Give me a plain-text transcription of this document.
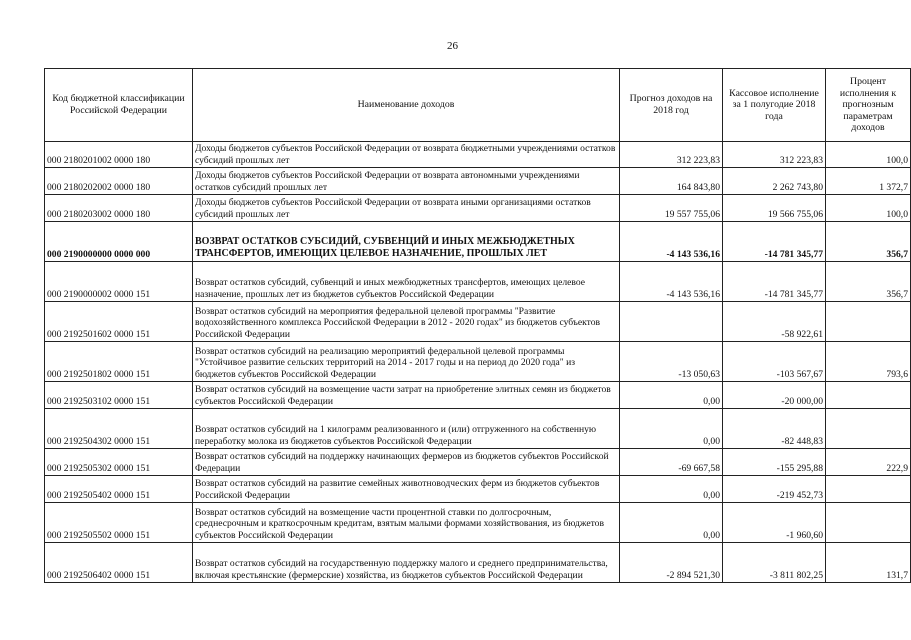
26
Код бюджетной классификации Российской Федерации	Наименование доходов	Прогноз доходов на 2018 год	Кассовое исполнение за 1 полугодие 2018 года	Процент исполнения к прогнозным параметрам доходов
000 2180201002 0000 180	Доходы бюджетов субъектов Российской Федерации от возврата бюджетными учреждениями остатков субсидий прошлых лет	312 223,83	312 223,83	100,0
000 2180202002 0000 180	Доходы бюджетов субъектов Российской Федерации от возврата автономными учреждениями остатков субсидий прошлых лет	164 843,80	2 262 743,80	1 372,7
000 2180203002 0000 180	Доходы бюджетов субъектов Российской Федерации от возврата иными организациями остатков субсидий прошлых лет	19 557 755,06	19 566 755,06	100,0
000 2190000000 0000 000	ВОЗВРАТ ОСТАТКОВ СУБСИДИЙ, СУБВЕНЦИЙ И ИНЫХ МЕЖБЮДЖЕТНЫХ ТРАНСФЕРТОВ, ИМЕЮЩИХ ЦЕЛЕВОЕ НАЗНАЧЕНИЕ, ПРОШЛЫХ ЛЕТ	-4 143 536,16	-14 781 345,77	356,7
000 2190000002 0000 151	Возврат остатков субсидий, субвенций и иных межбюджетных трансфертов, имеющих целевое назначение, прошлых лет из бюджетов субъектов Российской Федерации	-4 143 536,16	-14 781 345,77	356,7
000 2192501602 0000 151	Возврат остатков субсидий на мероприятия федеральной целевой программы "Развитие водохозяйственного комплекса Российской Федерации в 2012 - 2020 годах" из бюджетов субъектов Российской Федерации		-58 922,61	
000 2192501802 0000 151	Возврат остатков субсидий на реализацию мероприятий федеральной целевой программы "Устойчивое развитие сельских территорий на 2014 - 2017 годы и на период до 2020 года" из бюджетов субъектов Российской Федерации	-13 050,63	-103 567,67	793,6
000 2192503102 0000 151	Возврат остатков субсидий на возмещение части затрат на приобретение элитных семян из бюджетов субъектов Российской Федерации	0,00	-20 000,00	
000 2192504302 0000 151	Возврат остатков субсидий на 1 килограмм реализованного и (или) отгруженного на собственную переработку молока из бюджетов субъектов Российской Федерации	0,00	-82 448,83	
000 2192505302 0000 151	Возврат остатков субсидий на поддержку начинающих фермеров из бюджетов субъектов Российской Федерации	-69 667,58	-155 295,88	222,9
000 2192505402 0000 151	Возврат остатков субсидий на развитие семейных животноводческих ферм из бюджетов субъектов Российской Федерации	0,00	-219 452,73	
000 2192505502 0000 151	Возврат остатков субсидий на возмещение части процентной ставки по долгосрочным, среднесрочным и краткосрочным кредитам, взятым малыми формами хозяйствования, из бюджетов субъектов Российской Федерации	0,00	-1 960,60	
000 2192506402 0000 151	Возврат остатков субсидий на государственную поддержку малого и среднего предпринимательства, включая крестьянские (фермерские) хозяйства, из бюджетов субъектов Российской Федерации	-2 894 521,30	-3 811 802,25	131,7
